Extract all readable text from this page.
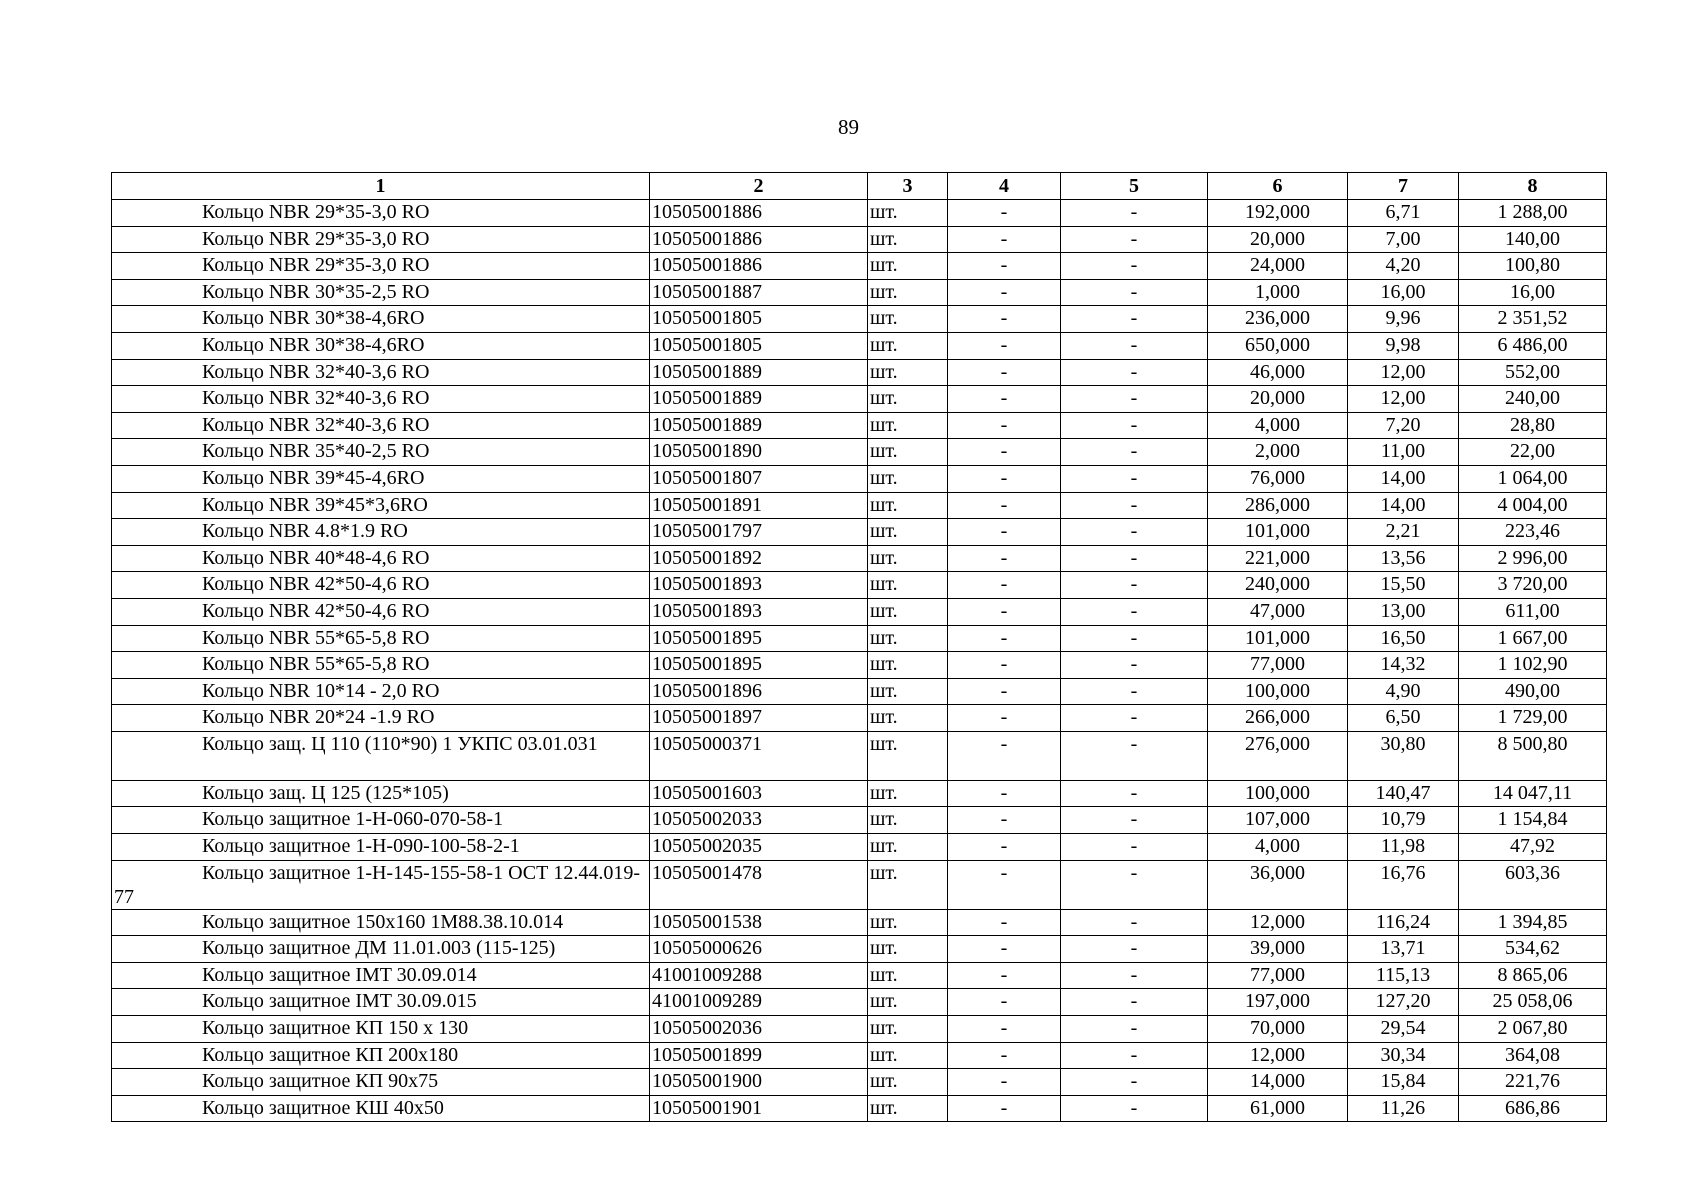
89
1	2	3	4	5	6	7	8
Кольцо NBR 29*35-3,0 RO	10505001886	шт.	-	-	192,000	6,71	1 288,00
Кольцо NBR 29*35-3,0 RO	10505001886	шт.	-	-	20,000	7,00	140,00
Кольцо NBR 29*35-3,0 RO	10505001886	шт.	-	-	24,000	4,20	100,80
Кольцо NBR 30*35-2,5 RO	10505001887	шт.	-	-	1,000	16,00	16,00
Кольцо NBR 30*38-4,6RO	10505001805	шт.	-	-	236,000	9,96	2 351,52
Кольцо NBR 30*38-4,6RO	10505001805	шт.	-	-	650,000	9,98	6 486,00
Кольцо NBR 32*40-3,6 RO	10505001889	шт.	-	-	46,000	12,00	552,00
Кольцо NBR 32*40-3,6 RO	10505001889	шт.	-	-	20,000	12,00	240,00
Кольцо NBR 32*40-3,6 RO	10505001889	шт.	-	-	4,000	7,20	28,80
Кольцо NBR 35*40-2,5 RO	10505001890	шт.	-	-	2,000	11,00	22,00
Кольцо NBR 39*45-4,6RO	10505001807	шт.	-	-	76,000	14,00	1 064,00
Кольцо NBR 39*45*3,6RO	10505001891	шт.	-	-	286,000	14,00	4 004,00
Кольцо NBR 4.8*1.9 RO	10505001797	шт.	-	-	101,000	2,21	223,46
Кольцо NBR 40*48-4,6 RO	10505001892	шт.	-	-	221,000	13,56	2 996,00
Кольцо NBR 42*50-4,6 RO	10505001893	шт.	-	-	240,000	15,50	3 720,00
Кольцо NBR 42*50-4,6 RO	10505001893	шт.	-	-	47,000	13,00	611,00
Кольцо NBR 55*65-5,8 RO	10505001895	шт.	-	-	101,000	16,50	1 667,00
Кольцо NBR 55*65-5,8 RO	10505001895	шт.	-	-	77,000	14,32	1 102,90
Кольцо NBR 10*14 - 2,0 RO	10505001896	шт.	-	-	100,000	4,90	490,00
Кольцо NBR 20*24 -1.9 RO	10505001897	шт.	-	-	266,000	6,50	1 729,00
Кольцо защ. Ц 110 (110*90) 1 УКПС 03.01.031	10505000371	шт.	-	-	276,000	30,80	8 500,80
Кольцо защ. Ц 125 (125*105)	10505001603	шт.	-	-	100,000	140,47	14 047,11
Кольцо защитное 1-Н-060-070-58-1	10505002033	шт.	-	-	107,000	10,79	1 154,84
Кольцо защитное 1-Н-090-100-58-2-1	10505002035	шт.	-	-	4,000	11,98	47,92
Кольцо защитное 1-Н-145-155-58-1 ОСТ 12.44.019-77	10505001478	шт.	-	-	36,000	16,76	603,36
Кольцо защитное 150х160 1М88.38.10.014	10505001538	шт.	-	-	12,000	116,24	1 394,85
Кольцо защитное ДМ 11.01.003 (115-125)	10505000626	шт.	-	-	39,000	13,71	534,62
Кольцо защитное IMT 30.09.014	41001009288	шт.	-	-	77,000	115,13	8 865,06
Кольцо защитное IMT 30.09.015	41001009289	шт.	-	-	197,000	127,20	25 058,06
Кольцо защитное КП 150 х 130	10505002036	шт.	-	-	70,000	29,54	2 067,80
Кольцо защитное КП 200х180	10505001899	шт.	-	-	12,000	30,34	364,08
Кольцо защитное КП 90х75	10505001900	шт.	-	-	14,000	15,84	221,76
Кольцо защитное КШ 40х50	10505001901	шт.	-	-	61,000	11,26	686,86
